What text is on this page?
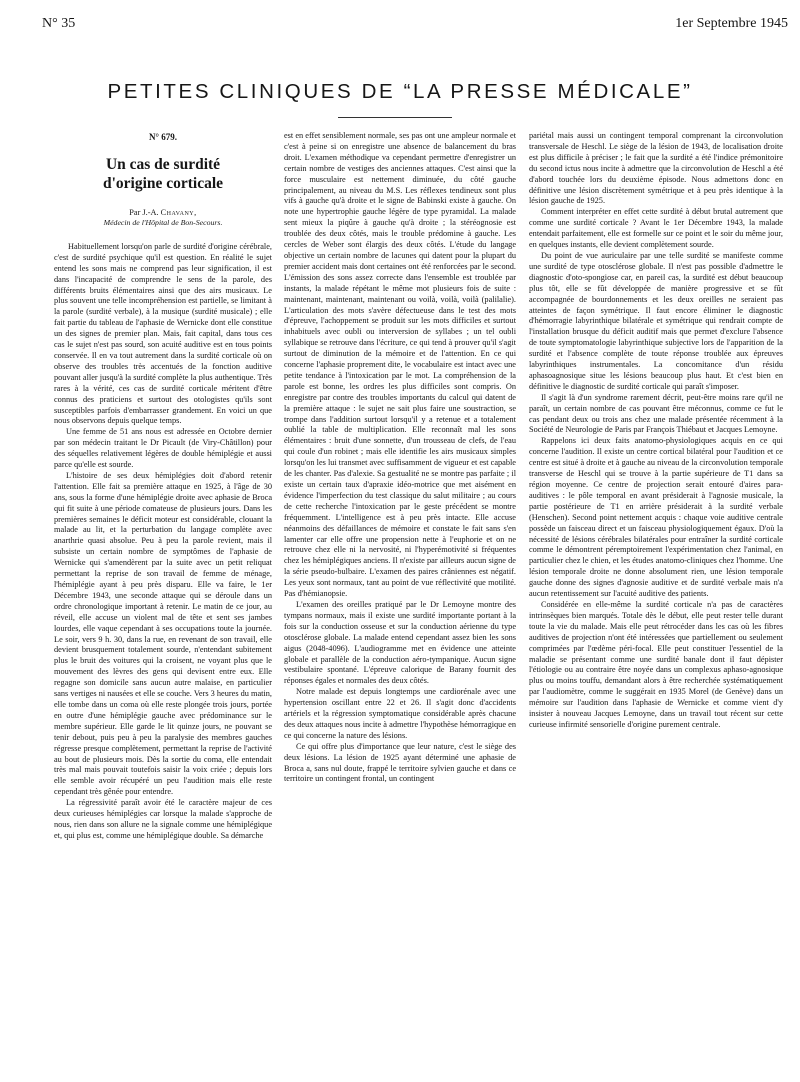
N° 35	1er Septembre 1945
PETITES CLINIQUES DE “LA PRESSE MÉDICALE”
N° 679.
Un cas de surdité
d'origine corticale
Par J.-A. Chavany,
Médecin de l'Hôpital de Bon-Secours.

Habituellement lorsqu'on parle de surdité d'origine cérébrale, c'est de surdité psychique qu'il est question. En réalité le sujet entend les sons mais ne comprend pas leur signification, il est dans l'incapacité de comprendre le sens de la parole, des différents bruits élémentaires ainsi que des airs musicaux. Le plus souvent une telle incompréhension est partielle, se limitant à la parole (surdité verbale), à la musique (surdité musicale) ; elle fait partie du tableau de l'aphasie de Wernicke dont elle constitue un des signes de premier plan. Mais, fait capital, dans tous ces cas le sujet n'est pas sourd, son acuité auditive est en tous points conservée. Il en va tout autrement dans la surdité corticale où on observe des troubles très accentués de la fonction auditive pouvant aller jusqu'à la surdité complète la plus authentique. Très rares à la vérité, ces cas de surdité corticale méritent d'être connus des praticiens et surtout des otologistes qu'ils sont susceptibles parfois d'embarrasser grandement. En voici un que nous observons depuis quelque temps.

Une femme de 51 ans nous est adressée en Octobre dernier par son médecin traitant le Dr Picault (de Viry-Châtillon) pour des séquelles relativement légères de double hémiplégie et aussi parce qu'elle est sourde.

L'histoire de ses deux hémiplégies doit d'abord retenir l'attention. Elle fait sa première attaque en 1925, à l'âge de 30 ans, sous la forme d'une hémiplégie droite avec aphasie de Broca qui fit suite à une période comateuse de plusieurs jours. Dans les premières semaines le déficit moteur est considérable, clouant la malade au lit, et la perturbation du langage complète avec anarthrie quasi absolue. Peu à peu la parole revient, mais il subsiste un certain nombre de symptômes de l'aphasie de Wernicke qui s'amendèrent par la suite avec un petit reliquat permettant la reprise de son travail de femme de ménage, l'hémiplégie ayant à peu près disparu. Elle va faire, le 1er Décembre 1943, une seconde attaque qui se déroule dans un ordre chronologique important à retenir. Le matin de ce jour, au réveil, elle accuse un violent mal de tête et sent ses jambes lourdes, elle vaque cependant à ses occupations toute la journée. Le soir, vers 9 h. 30, dans la rue, en revenant de son travail, elle devient brusquement totalement sourde, n'entendant subitement plus le bruit des voitures qui la croisent, ne voyant plus que le mouvement des lèvres des gens qui devisent entre eux. Elle regagne son domicile sans aucun autre malaise, en particulier sans vertiges ni nausées et elle se couche. Vers 3 heures du matin, elle tombe dans un coma où elle reste plongée trois jours, portée en outre d'une hémiplégie gauche avec prédominance sur le membre supérieur. Elle garde le lit quinze jours, ne pouvant se tenir debout, puis peu à peu la paralysie des membres gauches régresse presque complètement, permettant la reprise de l'activité au bout de plusieurs mois. Dès la sortie du coma, elle entendait très mal mais pouvait toutefois saisir la voix criée ; depuis lors elle semble avoir récupéré un peu l'audition mais elle reste cependant très gênée pour entendre.

La régressivité paraît avoir été le caractère majeur de ces deux curieuses hémiplégies car lorsque la malade s'approche de nous, rien dans son allure ne la signale comme une hémiplégique et, qui plus est, comme une hémiplégique double. Sa démarche

est en effet sensiblement normale, ses pas ont une ampleur normale et c'est à peine si on enregistre une absence de balancement du bras droit. L'examen méthodique va cependant permettre d'enregistrer un certain nombre de vestiges des anciennes attaques. C'est ainsi que la force musculaire est nettement diminuée, du côté gauche principalement, au niveau du M.S. Les réflexes tendineux sont plus vifs à gauche qu'à droite et le signe de Babinski existe à gauche. On note une hypertrophie gauche légère de type pyramidal. La malade sent mieux la piqûre à gauche qu'à droite ; la stéréognosie est troublée des deux côtés, mais le trouble prédomine à gauche. Les cercles de Weber sont élargis des deux côtés. L'étude du langage objective un certain nombre de lacunes qui datent pour la plupart du premier accident mais dont certaines ont été renforcées par le second. L'émission des sons assez correcte dans l'ensemble est troublée par instants, la malade répétant le même mot plusieurs fois de suite : maintenant, maintenant, maintenant ou voilà, voilà, voilà (palilalie). L'articulation des mots s'avère défectueuse dans le test des mots d'épreuve, l'achoppement se produit sur les mots difficiles et surtout inhabituels avec oubli ou interversion de syllabes ; un tel oubli syllabique se retrouve dans l'écriture, ce qui tend à prouver qu'il s'agit surtout de diminution de la mémoire et de l'attention. En ce qui concerne l'aphasie proprement dite, le vocabulaire est intact avec une petite tendance à l'intoxication par le mot. La compréhension de la parole est bonne, les ordres les plus difficiles sont compris. On enregistre par contre des troubles importants du calcul qui datent de la première attaque : le sujet ne sait plus faire une soustraction, se trompe dans l'addition surtout lorsqu'il y a retenue et a totalement oublié la table de multiplication. Elle reconnaît mal les sons élémentaires : bruit d'une sonnette, d'un trousseau de clefs, de l'eau qui coule d'un robinet ; mais elle identifie les airs musicaux simples lorsqu'on les lui transmet avec suffisamment de vigueur et est capable de les chanter. Pas d'alexie. Sa gestualité ne se montre pas parfaite ; il existe un certain taux d'apraxie idéo-motrice que met aisément en évidence l'imperfection du test classique du salut militaire ; au cours de cette recherche l'intoxication par le geste précédent se montre fréquemment. L'intelligence est à peu près intacte. Elle accuse néanmoins des défaillances de mémoire et constate le fait sans s'en lamenter car elle offre une propension nette à l'euphorie et on ne retrouve chez elle ni la nervosité, ni l'hyperémotivité si fréquentes chez les hémiplégiques anciens. Il n'existe par ailleurs aucun signe de la série pseudo-bulbaire. L'examen des paires crâniennes est négatif. Les yeux sont normaux, tant au point de vue réflectivité que motilité. Pas d'hémianopsie.

L'examen des oreilles pratiqué par le Dr Lemoyne montre des tympans normaux, mais il existe une surdité importante portant à la fois sur la conduction osseuse et sur la conduction aérienne du type otosclérose globale. La malade entend cependant assez bien les sons aigus (2048-4096). L'audiogramme met en évidence une atteinte globale et parallèle de la conduction aéro-tympanique. Aucun signe vestibulaire spontané. L'épreuve calorique de Barany fournit des réponses égales et normales des deux côtés.

Notre malade est depuis longtemps une cardiorénale avec une hypertension oscillant entre 22 et 26. Il s'agit donc d'accidents artériels et la régression symptomatique considérable après chacune des deux attaques nous incite à admettre l'hypothèse hémorragique en ce qui concerne la nature des lésions.

Ce qui offre plus d'importance que leur nature, c'est le siège des deux lésions. La lésion de 1925 ayant déterminé une aphasie de Broca a, sans nul doute, frappé le territoire sylvien gauche et dans ce territoire un contingent frontal, un contingent

pariétal mais aussi un contingent temporal comprenant la circonvolution transversale de Heschl. Le siège de la lésion de 1943, de localisation droite est plus difficile à préciser ; le fait que la surdité a été l'indice prémonitoire du second ictus nous incite à admettre que la circonvolution de Heschl a été d'abord touchée lors du deuxième épisode. Nous admettons donc en définitive une lésion discrètement symétrique et à peu près identique à la lésion gauche de 1925.

Comment interpréter en effet cette surdité à début brutal autrement que comme une surdité corticale ? Avant le 1er Décembre 1943, la malade entendait parfaitement, elle est formelle sur ce point et le soir du même jour, en quelques instants, elle devient complètement sourde.

Du point de vue auriculaire par une telle surdité se manifeste comme une surdité de type otosclérose globale. Il n'est pas possible d'admettre le diagnostic d'oto-spongiose car, en pareil cas, la surdité est début beaucoup plus tôt, elle se fût développée de manière progressive et se fût accompagnée de bourdonnements et les deux oreilles ne seraient pas atteintes de façon symétrique. Il faut encore éliminer le diagnostic d'hémorragie labyrinthique bilatérale et symétrique qui rendrait compte de l'installation brusque du déficit auditif mais que permet d'exclure l'absence de toute symptomatologie labyrinthique subjective lors de l'apparition de la surdité et l'absence complète de toute réponse troublée aux épreuves labyrinthiques instrumentales. La concomitance d'un résidu aphasoagnosique situe les lésions beaucoup plus haut. Et c'est bien en définitive le diagnostic de surdité corticale qui paraît s'imposer.

Il s'agit là d'un syndrome rarement décrit, peut-être moins rare qu'il ne paraît, un certain nombre de cas pouvant être méconnus, comme ce fut le cas pendant deux ou trois ans chez une malade présentée récemment à la Société de Neurologie de Paris par François Thiébaut et Jacques Lemoyne.

Rappelons ici deux faits anatomo-physiologiques acquis en ce qui concerne l'audition. Il existe un centre cortical bilatéral pour l'audition et ce centre est situé à droite et à gauche au niveau de la circonvolution temporale transverse de Heschl qui se trouve à la partie supérieure de T1 dans sa région moyenne. Ce centre de projection serait entouré d'aires para-auditives : le pôle temporal en avant présiderait à l'agnosie musicale, la partie postérieure de T1 en arrière présiderait à la surdité verbale (Henschen). Second point nettement acquis : chaque voie auditive centrale possède un faisceau direct et un faisceau physiologiquement égaux. D'où la nécessité de lésions cérébrales bilatérales pour entraîner la surdité corticale comme le démontrent péremptoirement l'expérimentation chez l'animal, en particulier chez le chien, et les études anatomo-cliniques chez l'homme. Une lésion temporale droite ne donne absolument rien, une lésion temporale gauche donne des signes d'agnosie auditive et de surdité verbale mais n'a aucun retentissement sur l'acuité auditive des patients.

Considérée en elle-même la surdité corticale n'a pas de caractères intrinsèques bien marqués. Totale dès le début, elle peut rester telle durant toute la vie du malade. Mais elle peut rétrocéder dans les cas où les fibres auditives de projection n'ont été intéressées que partiellement ou seulement comprimées par l'œdème péri-focal. Elle peut constituer l'essentiel de la maladie se présentant comme une surdité banale dont il faut dépister l'étiologie ou au contraire être noyée dans un complexus aphaso-agnosique plus ou moins touffu, demandant alors à être recherchée systématiquement par l'audiomètre, comme le suggérait en 1935 Morel (de Genève) dans un mémoire sur l'audition dans l'aphasie de Wernicke et comme vient d'y insister à nouveau Jacques Lemoyne, dans un travail tout récent sur cette curieuse infirmité sensorielle d'origine purement centrale.
